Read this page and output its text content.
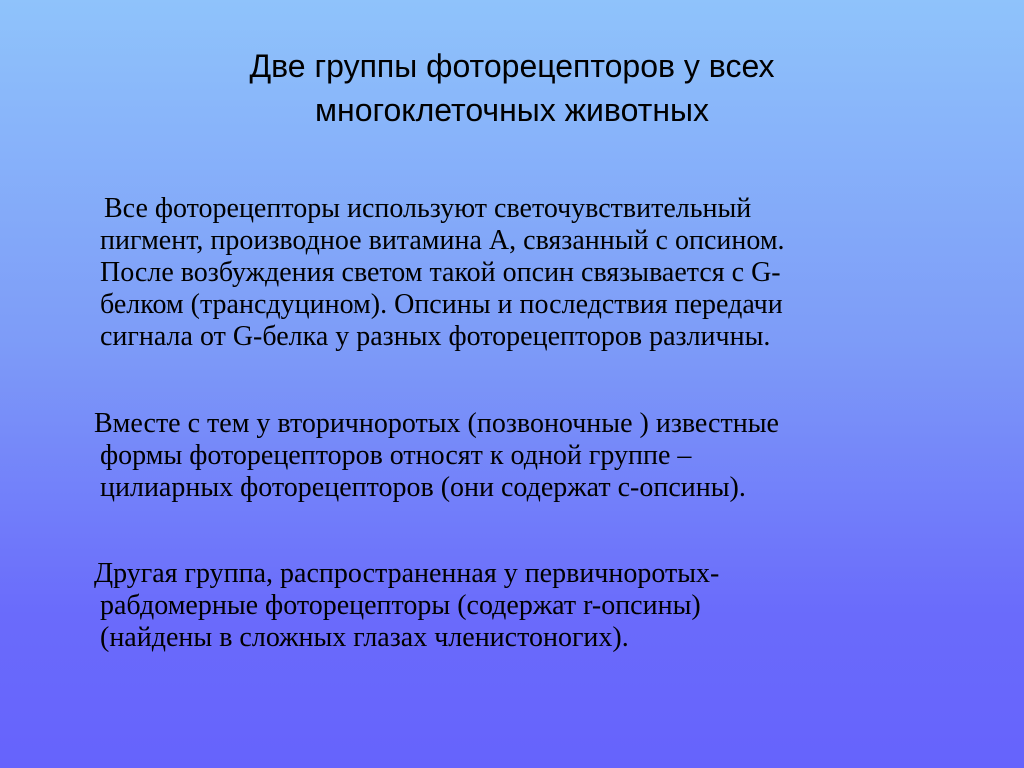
Две группы фоторецепторов у всех
многоклеточных животных
Все фоторецепторы используют светочувствительный
пигмент, производное витамина А, связанный с опсином.
После возбуждения светом такой опсин связывается с G-
белком (трансдуцином). Опсины и последствия передачи
сигнала от G-белка у разных фоторецепторов различны.
Вместе с тем у вторичноротых (позвоночные ) известные
формы фоторецепторов относят к одной группе –
цилиарных фоторецепторов (они содержат с-опсины).
Другая группа, распространенная у первичноротых-
рабдомерные фоторецепторы (содержат r-опсины)
(найдены в сложных глазах членистоногих).
